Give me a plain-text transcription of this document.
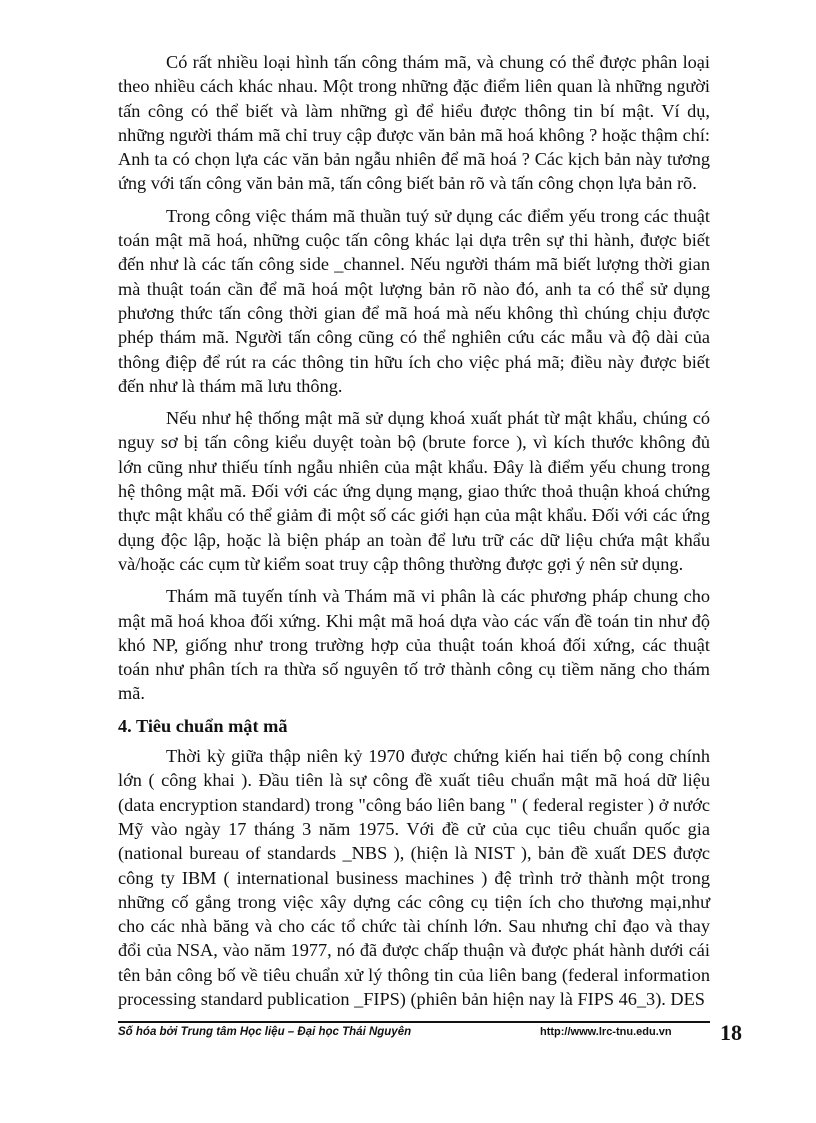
Có rất nhiều loại hình tấn công thám mã, và chung có thể được phân loại theo nhiều cách khác nhau. Một trong những đặc điểm liên quan là những người tấn công có thể biết và làm những gì để hiểu được thông tin bí mật. Ví dụ, những người thám mã chỉ truy cập được văn bản mã hoá không ? hoặc thậm chí: Anh ta có chọn lựa các văn bản ngẫu nhiên để mã hoá ? Các kịch bản này tương ứng với tấn công văn bản mã, tấn công biết bản rõ và tấn công chọn lựa bản rõ.

Trong công việc thám mã thuần tuý sử dụng các điểm yếu trong các thuật toán mật mã hoá, những cuộc tấn công khác lại dựa trên sự thi hành, được biết đến như là các tấn công side _channel. Nếu người thám mã biết lượng thời gian mà thuật toán cần để mã hoá một lượng bản rõ nào đó, anh ta có thể sử dụng phương thức tấn công thời gian để mã hoá mà nếu không thì chúng chịu được phép thám mã. Người tấn công cũng có thể nghiên cứu các mẫu và độ dài của thông điệp để rút ra các thông tin hữu ích cho việc phá mã; điều này được biết đến như là thám mã lưu thông.

Nếu như hệ thống mật mã sử dụng khoá xuất phát từ mật khẩu, chúng có nguy sơ bị tấn công kiểu duyệt toàn bộ (brute force ), vì kích thước không đủ lớn cũng như thiếu tính ngẫu nhiên của mật khẩu. Đây là điểm yếu chung trong hệ thông mật mã. Đối với các ứng dụng mạng, giao thức thoả thuận khoá chứng thực mật khẩu có thể giảm đi một số các giới hạn của mật khẩu. Đối với các ứng dụng độc lập, hoặc là biện pháp an toàn để lưu trữ các dữ liệu chứa mật khẩu và/hoặc các cụm từ kiểm soat truy cập thông thường được gợi ý nên sử dụng.

Thám mã tuyến tính và Thám mã vi phân là các phương pháp chung cho mật mã hoá khoa đối xứng. Khi mật mã hoá dựa vào các vấn đề toán tin như độ khó NP, giống như trong trường hợp của thuật toán khoá đối xứng, các thuật toán như phân tích ra thừa số nguyên tố trở thành công cụ tiềm năng cho thám mã.

4. Tiêu chuẩn mật mã

Thời kỳ giữa thập niên kỷ 1970 được chứng kiến hai tiến bộ cong chính lớn ( công khai ). Đầu tiên là sự công đề xuất tiêu chuẩn mật mã hoá dữ liệu (data encryption standard) trong "công báo liên bang " ( federal register ) ở nước Mỹ vào ngày 17 tháng 3 năm 1975. Với đề cử của cục tiêu chuẩn quốc gia (national bureau of standards _NBS ), (hiện là NIST ), bản đề xuất DES được công ty IBM ( international business machines ) đệ trình trở thành một trong những cố gắng trong việc xây dựng các công cụ tiện ích cho thương mại,như cho các nhà băng và cho các tổ chức tài chính lớn. Sau nhưng chỉ đạo và thay đổi của NSA, vào năm 1977, nó đã được chấp thuận và được phát hành dưới cái tên bản công bố về tiêu chuẩn xử lý thông tin của liên bang (federal information processing standard publication _FIPS) (phiên bản hiện nay là FIPS 46_3). DES

Số hóa bởi Trung tâm Học liệu – Đại học Thái Nguyên	http://www.lrc-tnu.edu.vn 18
